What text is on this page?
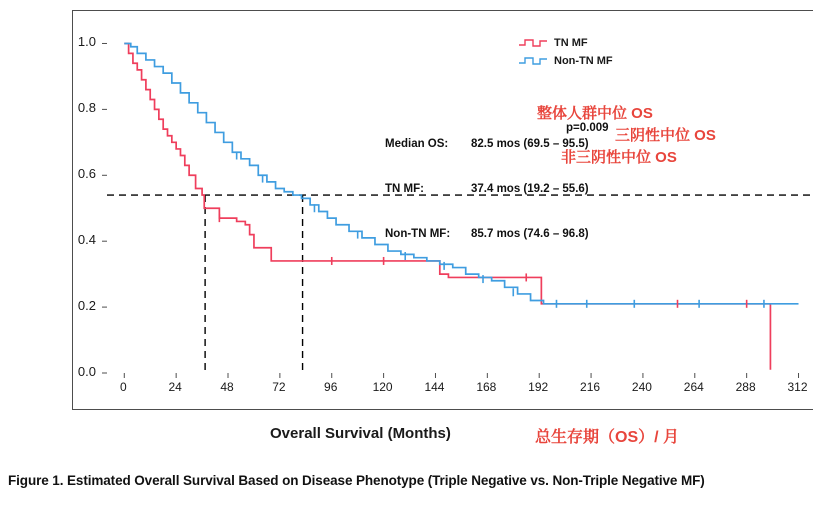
Overall Survival (Months)	总生存期（OS）/ 月
0.0
0.2
0.4
0.6
0.8
1.0
0	24	48	72	96	120	144	168	192	216	240	264	288	312
TN MF
Non-TN MF

Median OS:	82.5 mos (69.5 – 95.5)

TN MF:	37.4 mos (19.2 – 55.6)

Non-TN MF:	85.7 mos (74.6 – 96.8)

p=0.009
整体人群中位 OS
三阴性中位 OS
非三阴性中位 OS
Figure 1. Estimated Overall Survival Based on Disease Phenotype (Triple Negative vs. Non-Triple Negative MF)
